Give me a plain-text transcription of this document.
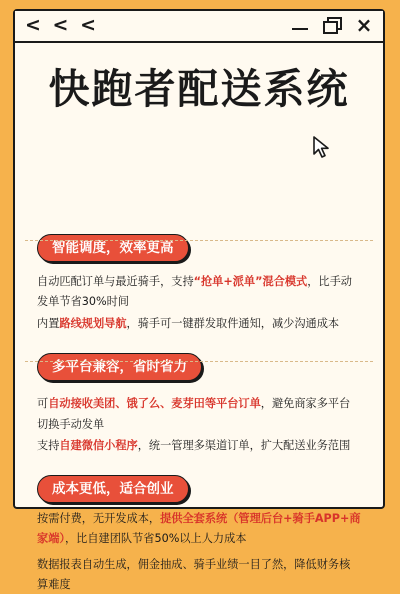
< < <	×
快跑者配送系统
智能调度，效率更高
自动匹配订单与最近骑手，支持“抢单+派单”混合模式，比手动
发单节省30%时间
内置路线规划导航，骑手可一键群发取件通知，减少沟通成本
多平台兼容，省时省力
可自动接收美团、饿了么、麦芽田等平台订单，避免商家多平台
切换手动发单
支持自建微信小程序，统一管理多渠道订单，扩大配送业务范围
成本更低，适合创业
按需付费，无开发成本，提供全套系统（管理后台+骑手APP+商
家端），比自建团队节省50%以上人力成本
数据报表自动生成，佣金抽成、骑手业绩一目了然，降低财务核
算难度
